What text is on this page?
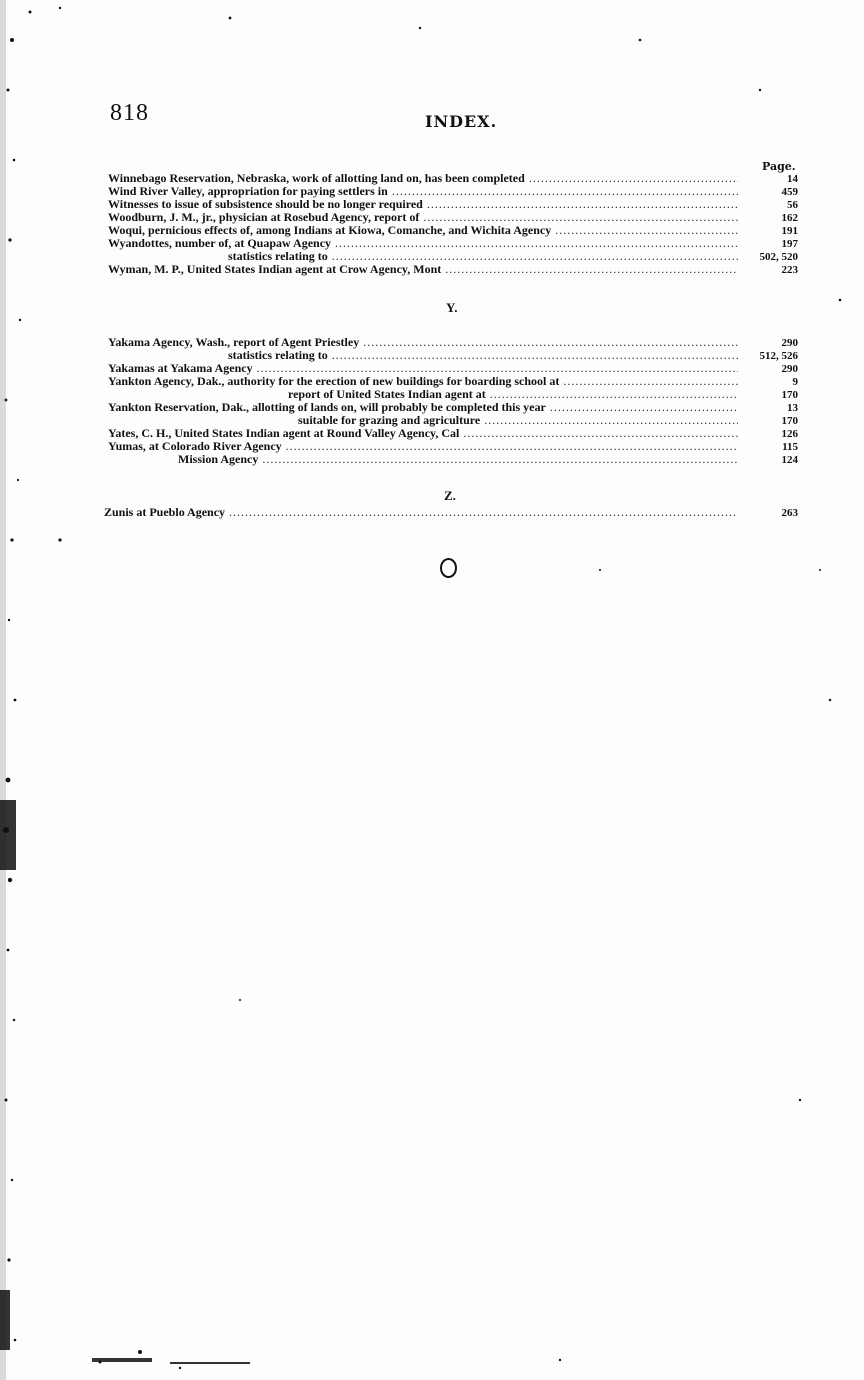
818	INDEX.
Page.
Winnebago Reservation, Nebraska, work of allotting land on, has been completed .....	14
Wind River Valley, appropriation for paying settlers in .....	459
Witnesses to issue of subsistence should be no longer required .....	56
Woodburn, J. M., jr., physician at Rosebud Agency, report of .....	162
Woqui, pernicious effects of, among Indians at Kiowa, Comanche, and Wichita Agency .....	191
Wyandottes, number of, at Quapaw Agency .....	197
statistics relating to .....	502, 520
Wyman, M. P., United States Indian agent at Crow Agency, Mont .....	223
Y.
Yakama Agency, Wash., report of Agent Priestley .....	290
statistics relating to .....	512, 526
Yakamas at Yakama Agency .....	290
Yankton Agency, Dak., authority for the erection of new buildings for boarding school at .....	9
report of United States Indian agent at .....	170
Yankton Reservation, Dak., allotting of lands on, will probably be completed this year .....	13
suitable for grazing and agriculture .....	170
Yates, C. H., United States Indian agent at Round Valley Agency, Cal .....	126
Yumas, at Colorado River Agency .....	115
Mission Agency .....	124
Z.
Zunis at Pueblo Agency .....	263
